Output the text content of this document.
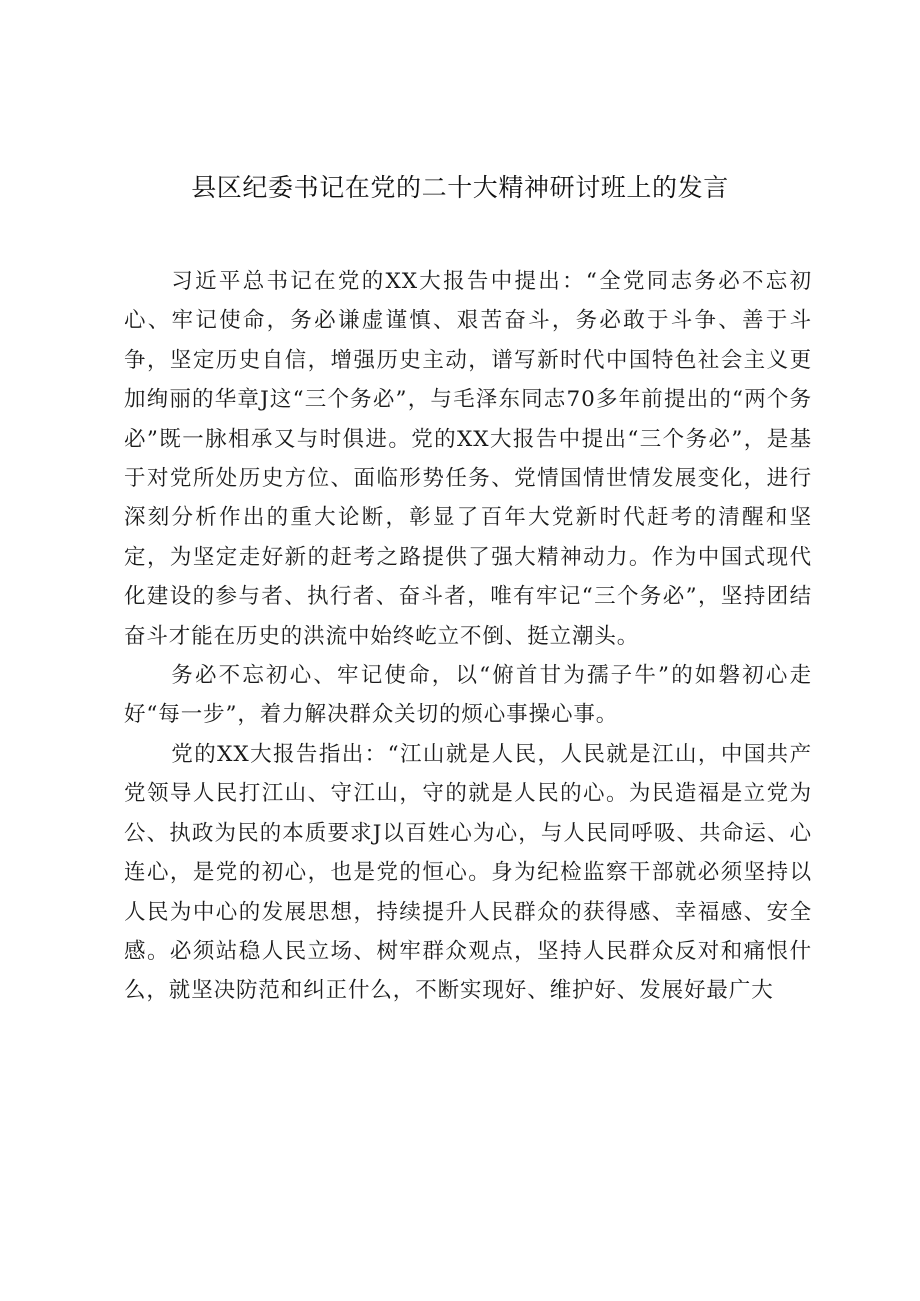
县区纪委书记在党的二十大精神研讨班上的发言

习近平总书记在党的XX大报告中提出：“全党同志务必不忘初心、牢记使命，务必谦虚谨慎、艰苦奋斗，务必敢于斗争、善于斗争，坚定历史自信，增强历史主动，谱写新时代中国特色社会主义更加绚丽的华章J这“三个务必”，与毛泽东同志70多年前提出的“两个务必”既一脉相承又与时俱进。党的XX大报告中提出“三个务必”，是基于对党所处历史方位、面临形势任务、党情国情世情发展变化，进行深刻分析作出的重大论断，彰显了百年大党新时代赶考的清醒和坚定，为坚定走好新的赶考之路提供了强大精神动力。作为中国式现代化建设的参与者、执行者、奋斗者，唯有牢记“三个务必”，坚持团结奋斗才能在历史的洪流中始终屹立不倒、挺立潮头。

务必不忘初心、牢记使命，以“俯首甘为孺子牛”的如磐初心走好“每一步”，着力解决群众关切的烦心事操心事。

党的XX大报告指出：“江山就是人民，人民就是江山，中国共产党领导人民打江山、守江山，守的就是人民的心。为民造福是立党为公、执政为民的本质要求J以百姓心为心，与人民同呼吸、共命运、心连心，是党的初心，也是党的恒心。身为纪检监察干部就必须坚持以人民为中心的发展思想，持续提升人民群众的获得感、幸福感、安全感。必须站稳人民立场、树牢群众观点，坚持人民群众反对和痛恨什么，就坚决防范和纠正什么，不断实现好、维护好、发展好最广大
